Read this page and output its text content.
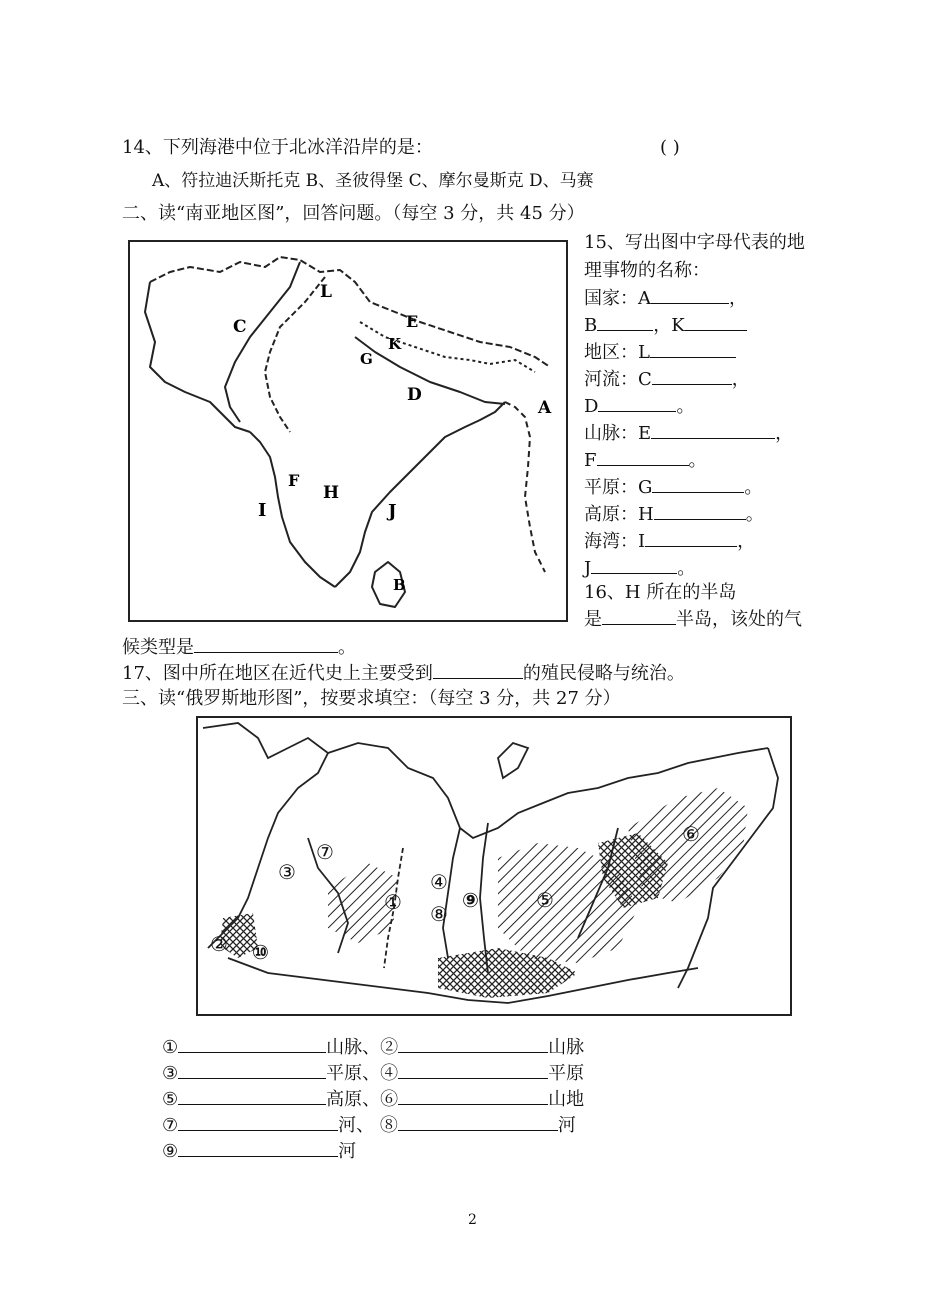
14、下列海港中位于北冰洋沿岸的是：	( )
A、符拉迪沃斯托克 B、圣彼得堡 C、摩尔曼斯克 D、马赛
二、读“南亚地区图”，回答问题。（每空 3 分，共 45 分）
L
C	E
K
G
D
A
F
H
I	J
B
15、写出图中字母代表的地
理事物的名称：
国家：A	，
B	，K
地区：L
河流：C	，
D	。
山脉：E	，
F	。
平原：G	。
高原：H	。
海湾：I	，
J	。
16、H 所在的半岛
是	半岛，该处的气
候类型是	。
17、图中所在地区在近代史上主要受到	的殖民侵略与统治。
三、读“俄罗斯地形图”，按要求填空：（每空 3 分，共 27 分）
⑥
⑦
③	④
⑤
① ⑧
⑨
② ⑩
①	山脉、②	山脉
③	平原、④	平原
⑤	高原、⑥	山地
⑦	河、 ⑧	河
⑨	河
2
